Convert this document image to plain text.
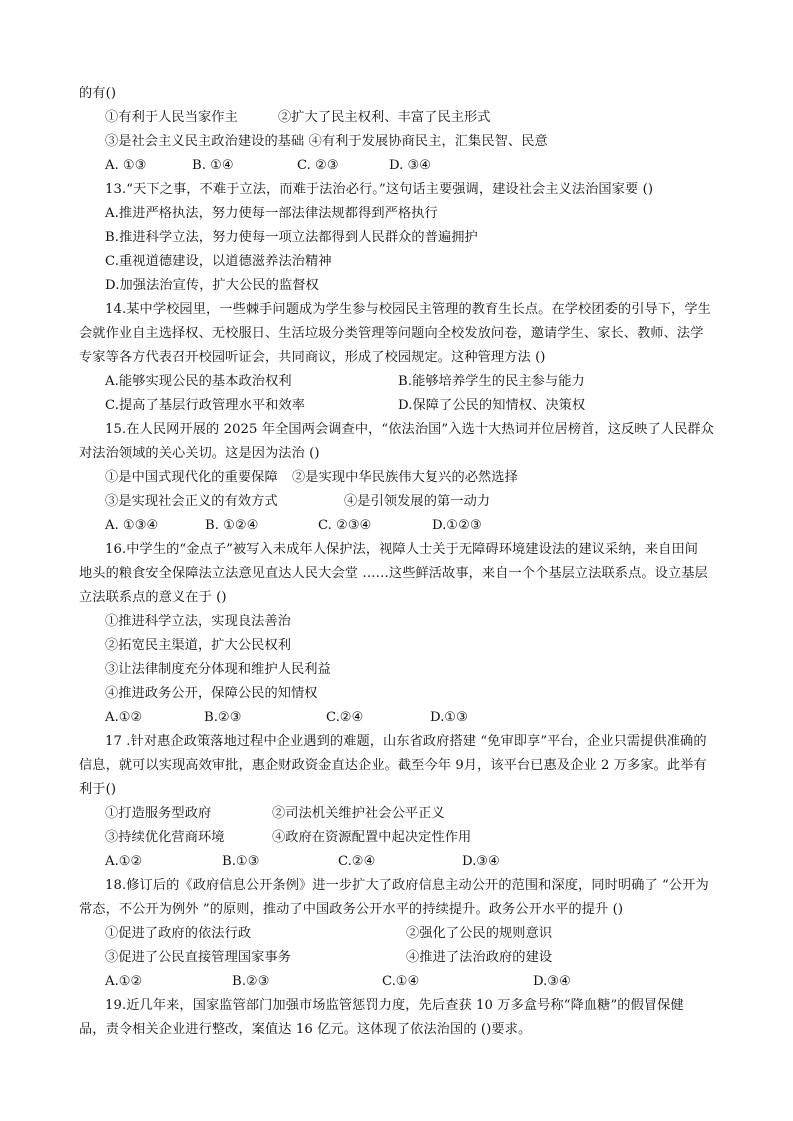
的有()
①有利于人民当家作主	②扩大了民主权利、丰富了民主形式
③是社会主义民主政治建设的基础 ④有利于发展协商民主，汇集民智、民意
A. ①③	B. ①④	C. ②③	D. ③④
13.“天下之事，不难于立法，而难于法治必行。”这句话主要强调，建设社会主义法治国家要 ()
A.推进严格执法，努力使每一部法律法规都得到严格执行
B.推进科学立法，努力使每一项立法都得到人民群众的普遍拥护
C.重视道德建设，以道德滋养法治精神
D.加强法治宣传，扩大公民的监督权
14.某中学校园里，一些棘手问题成为学生参与校园民主管理的教育生长点。在学校团委的引导下，学生
会就作业自主选择权、无校服日、生活垃圾分类管理等问题向全校发放问卷，邀请学生、家长、教师、法学
专家等各方代表召开校园听证会，共同商议，形成了校园规定。这种管理方法 ()
A.能够实现公民的基本政治权利	B.能够培养学生的民主参与能力
C.提高了基层行政管理水平和效率	D.保障了公民的知情权、决策权
15.在人民网开展的 2025 年全国两会调查中，“依法治国”入选十大热词并位居榜首，这反映了人民群众
对法治领域的关心关切。这是因为法治 ()
①是中国式现代化的重要保障 ②是实现中华民族伟大复兴的必然选择
③是实现社会正义的有效方式	④是引领发展的第一动力
A. ①③④	B. ①②④	C. ②③④	D.①②③
16.中学生的“金点子”被写入未成年人保护法，视障人士关于无障碍环境建设法的建议采纳，来自田间
地头的粮食安全保障法立法意见直达人民大会堂 ……这些鲜活故事，来自一个个基层立法联系点。设立基层
立法联系点的意义在于 ()
①推进科学立法，实现良法善治
②拓宽民主渠道，扩大公民权利
③让法律制度充分体现和维护人民利益
④推进政务公开，保障公民的知情权
A.①②	B.②③	C.②④	D.①③
17 .针对惠企政策落地过程中企业遇到的难题，山东省政府搭建 “免审即享”平台，企业只需提供准确的
信息，就可以实现高效审批，惠企财政资金直达企业。截至今年 9月，该平台已惠及企业 2 万多家。此举有
利于()
①打造服务型政府	②司法机关维护社会公平正义
③持续优化营商环境	④政府在资源配置中起决定性作用
A.①②	B.①③	C.②④	D.③④
18.修订后的《政府信息公开条例》进一步扩大了政府信息主动公开的范围和深度，同时明确了 “公开为
常态，不公开为例外 ”的原则，推动了中国政务公开水平的持续提升。政务公开水平的提升 ()
①促进了政府的依法行政	②强化了公民的规则意识
③促进了公民直接管理国家事务	④推进了法治政府的建设
A.①②	B.②③	C.①④	D.③④
19.近几年来，国家监管部门加强市场监管惩罚力度，先后查获 10 万多盒号称“降血糖”的假冒保健
品，责令相关企业进行整改，案值达 16 亿元。这体现了依法治国的 ()要求。
